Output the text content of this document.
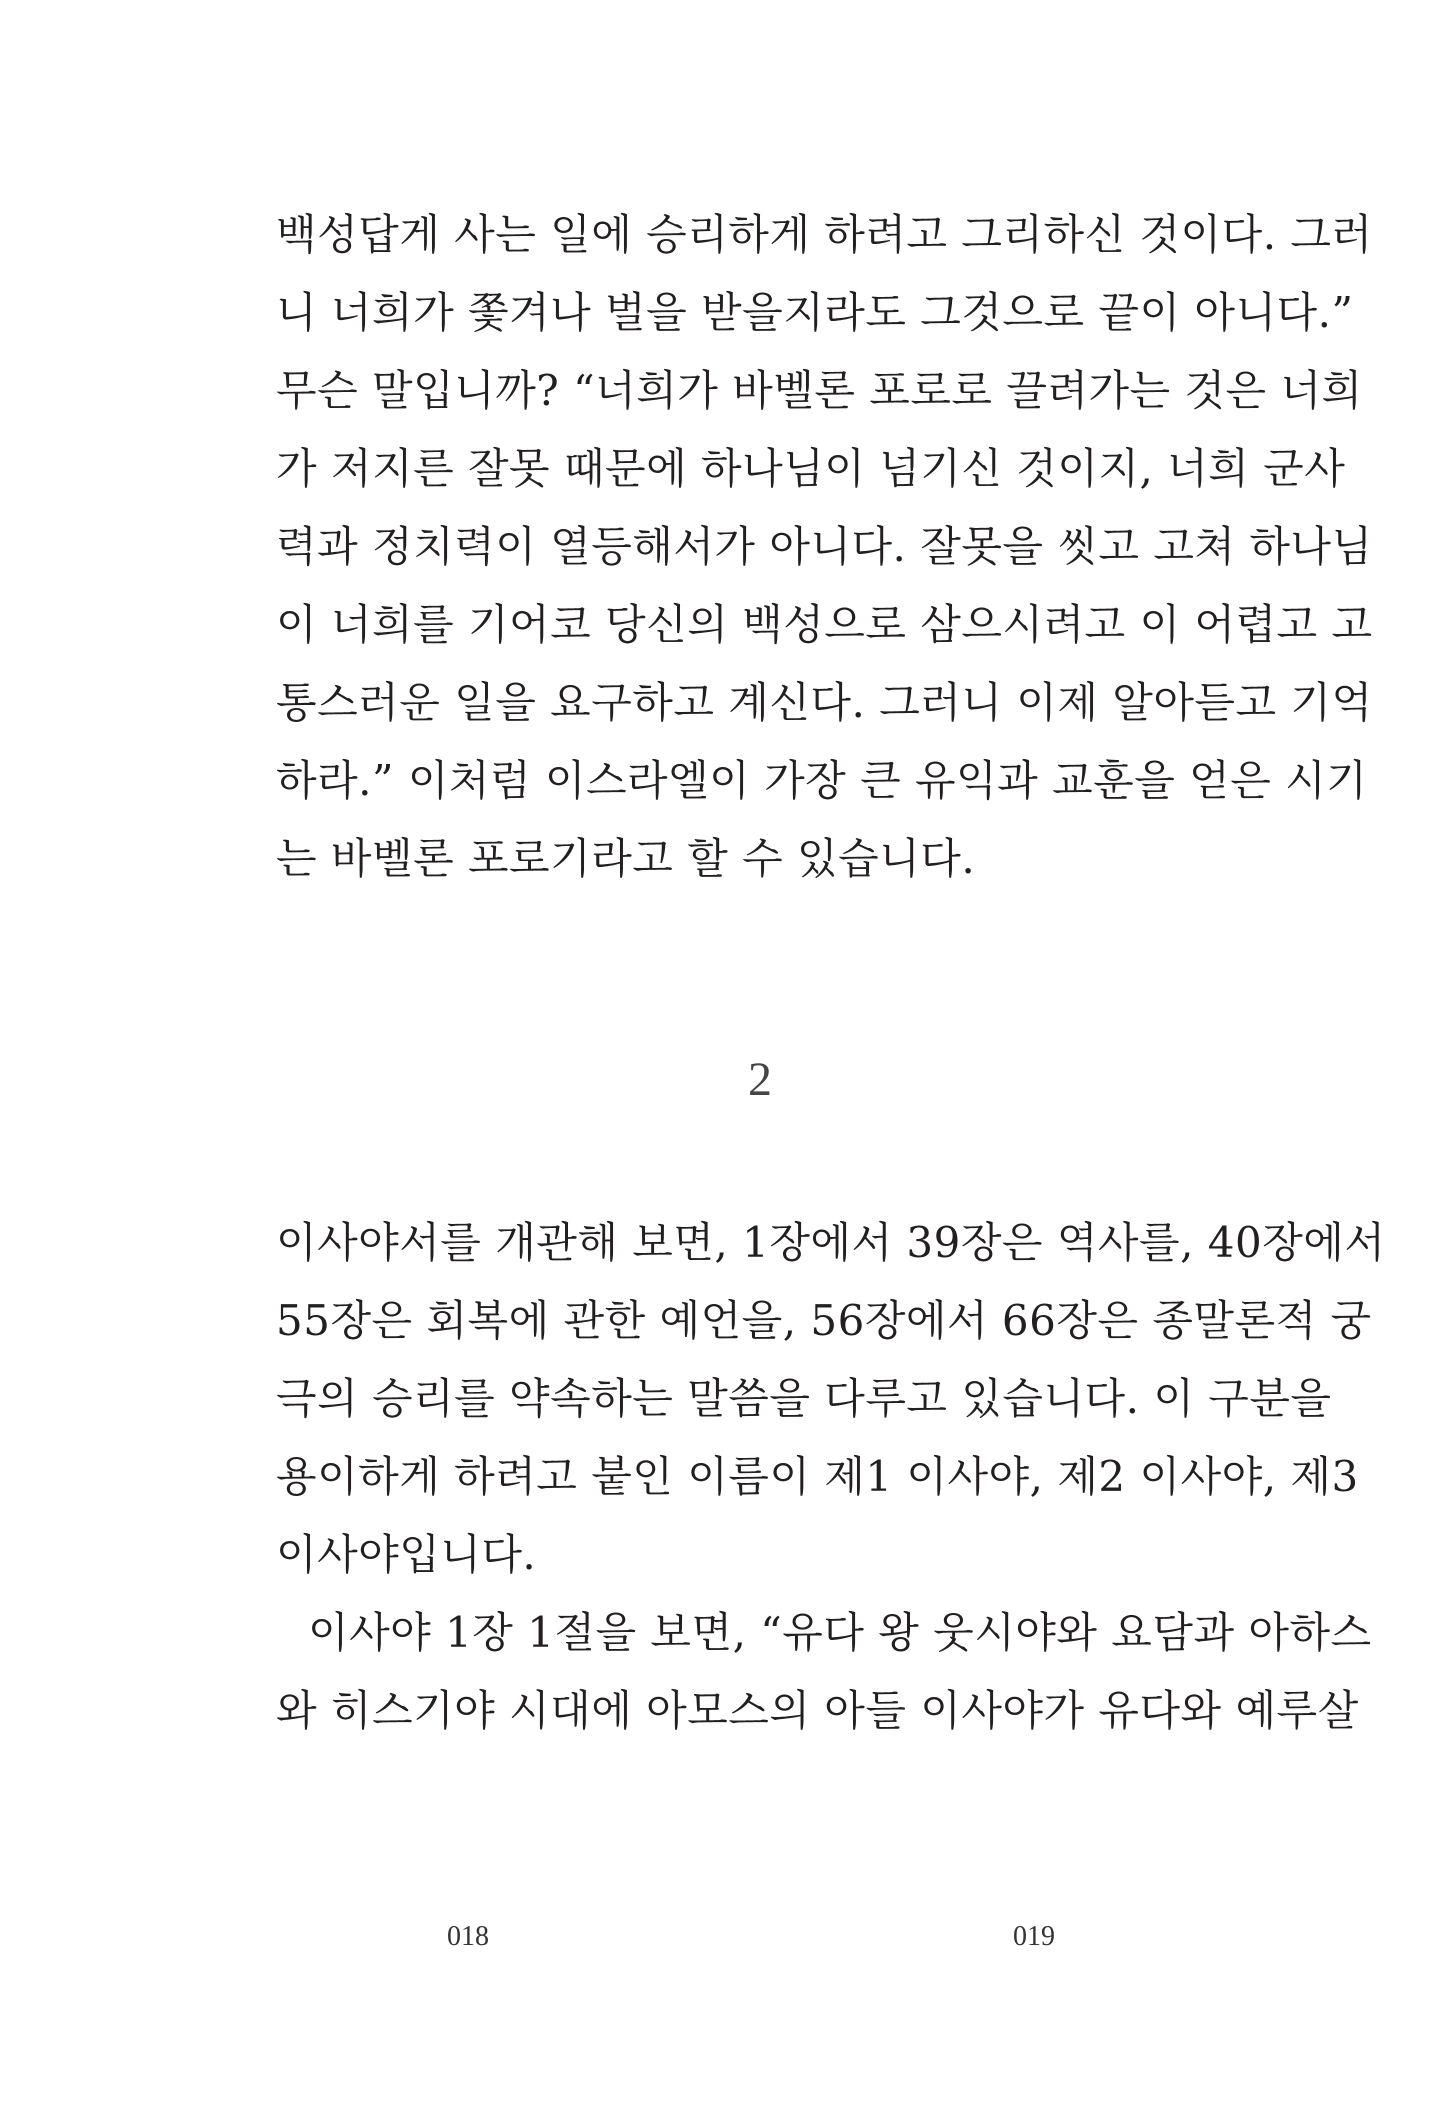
백성답게 사는 일에 승리하게 하려고 그리하신 것이다. 그러
니 너희가 쫓겨나 벌을 받을지라도 그것으로 끝이 아니다.”
무슨 말입니까? “너희가 바벨론 포로로 끌려가는 것은 너희
가 저지른 잘못 때문에 하나님이 넘기신 것이지, 너희 군사
력과 정치력이 열등해서가 아니다. 잘못을 씻고 고쳐 하나님
이 너희를 기어코 당신의 백성으로 삼으시려고 이 어렵고 고
통스러운 일을 요구하고 계신다. 그러니 이제 알아듣고 기억
하라.” 이처럼 이스라엘이 가장 큰 유익과 교훈을 얻은 시기
는 바벨론 포로기라고 할 수 있습니다.
2
이사야서를 개관해 보면, 1장에서 39장은 역사를, 40장에서
55장은 회복에 관한 예언을, 56장에서 66장은 종말론적 궁
극의 승리를 약속하는 말씀을 다루고 있습니다. 이 구분을
용이하게 하려고 붙인 이름이 제1 이사야, 제2 이사야, 제3
이사야입니다.
이사야 1장 1절을 보면, “유다 왕 웃시야와 요담과 아하스
와 히스기야 시대에 아모스의 아들 이사야가 유다와 예루살
018	019
